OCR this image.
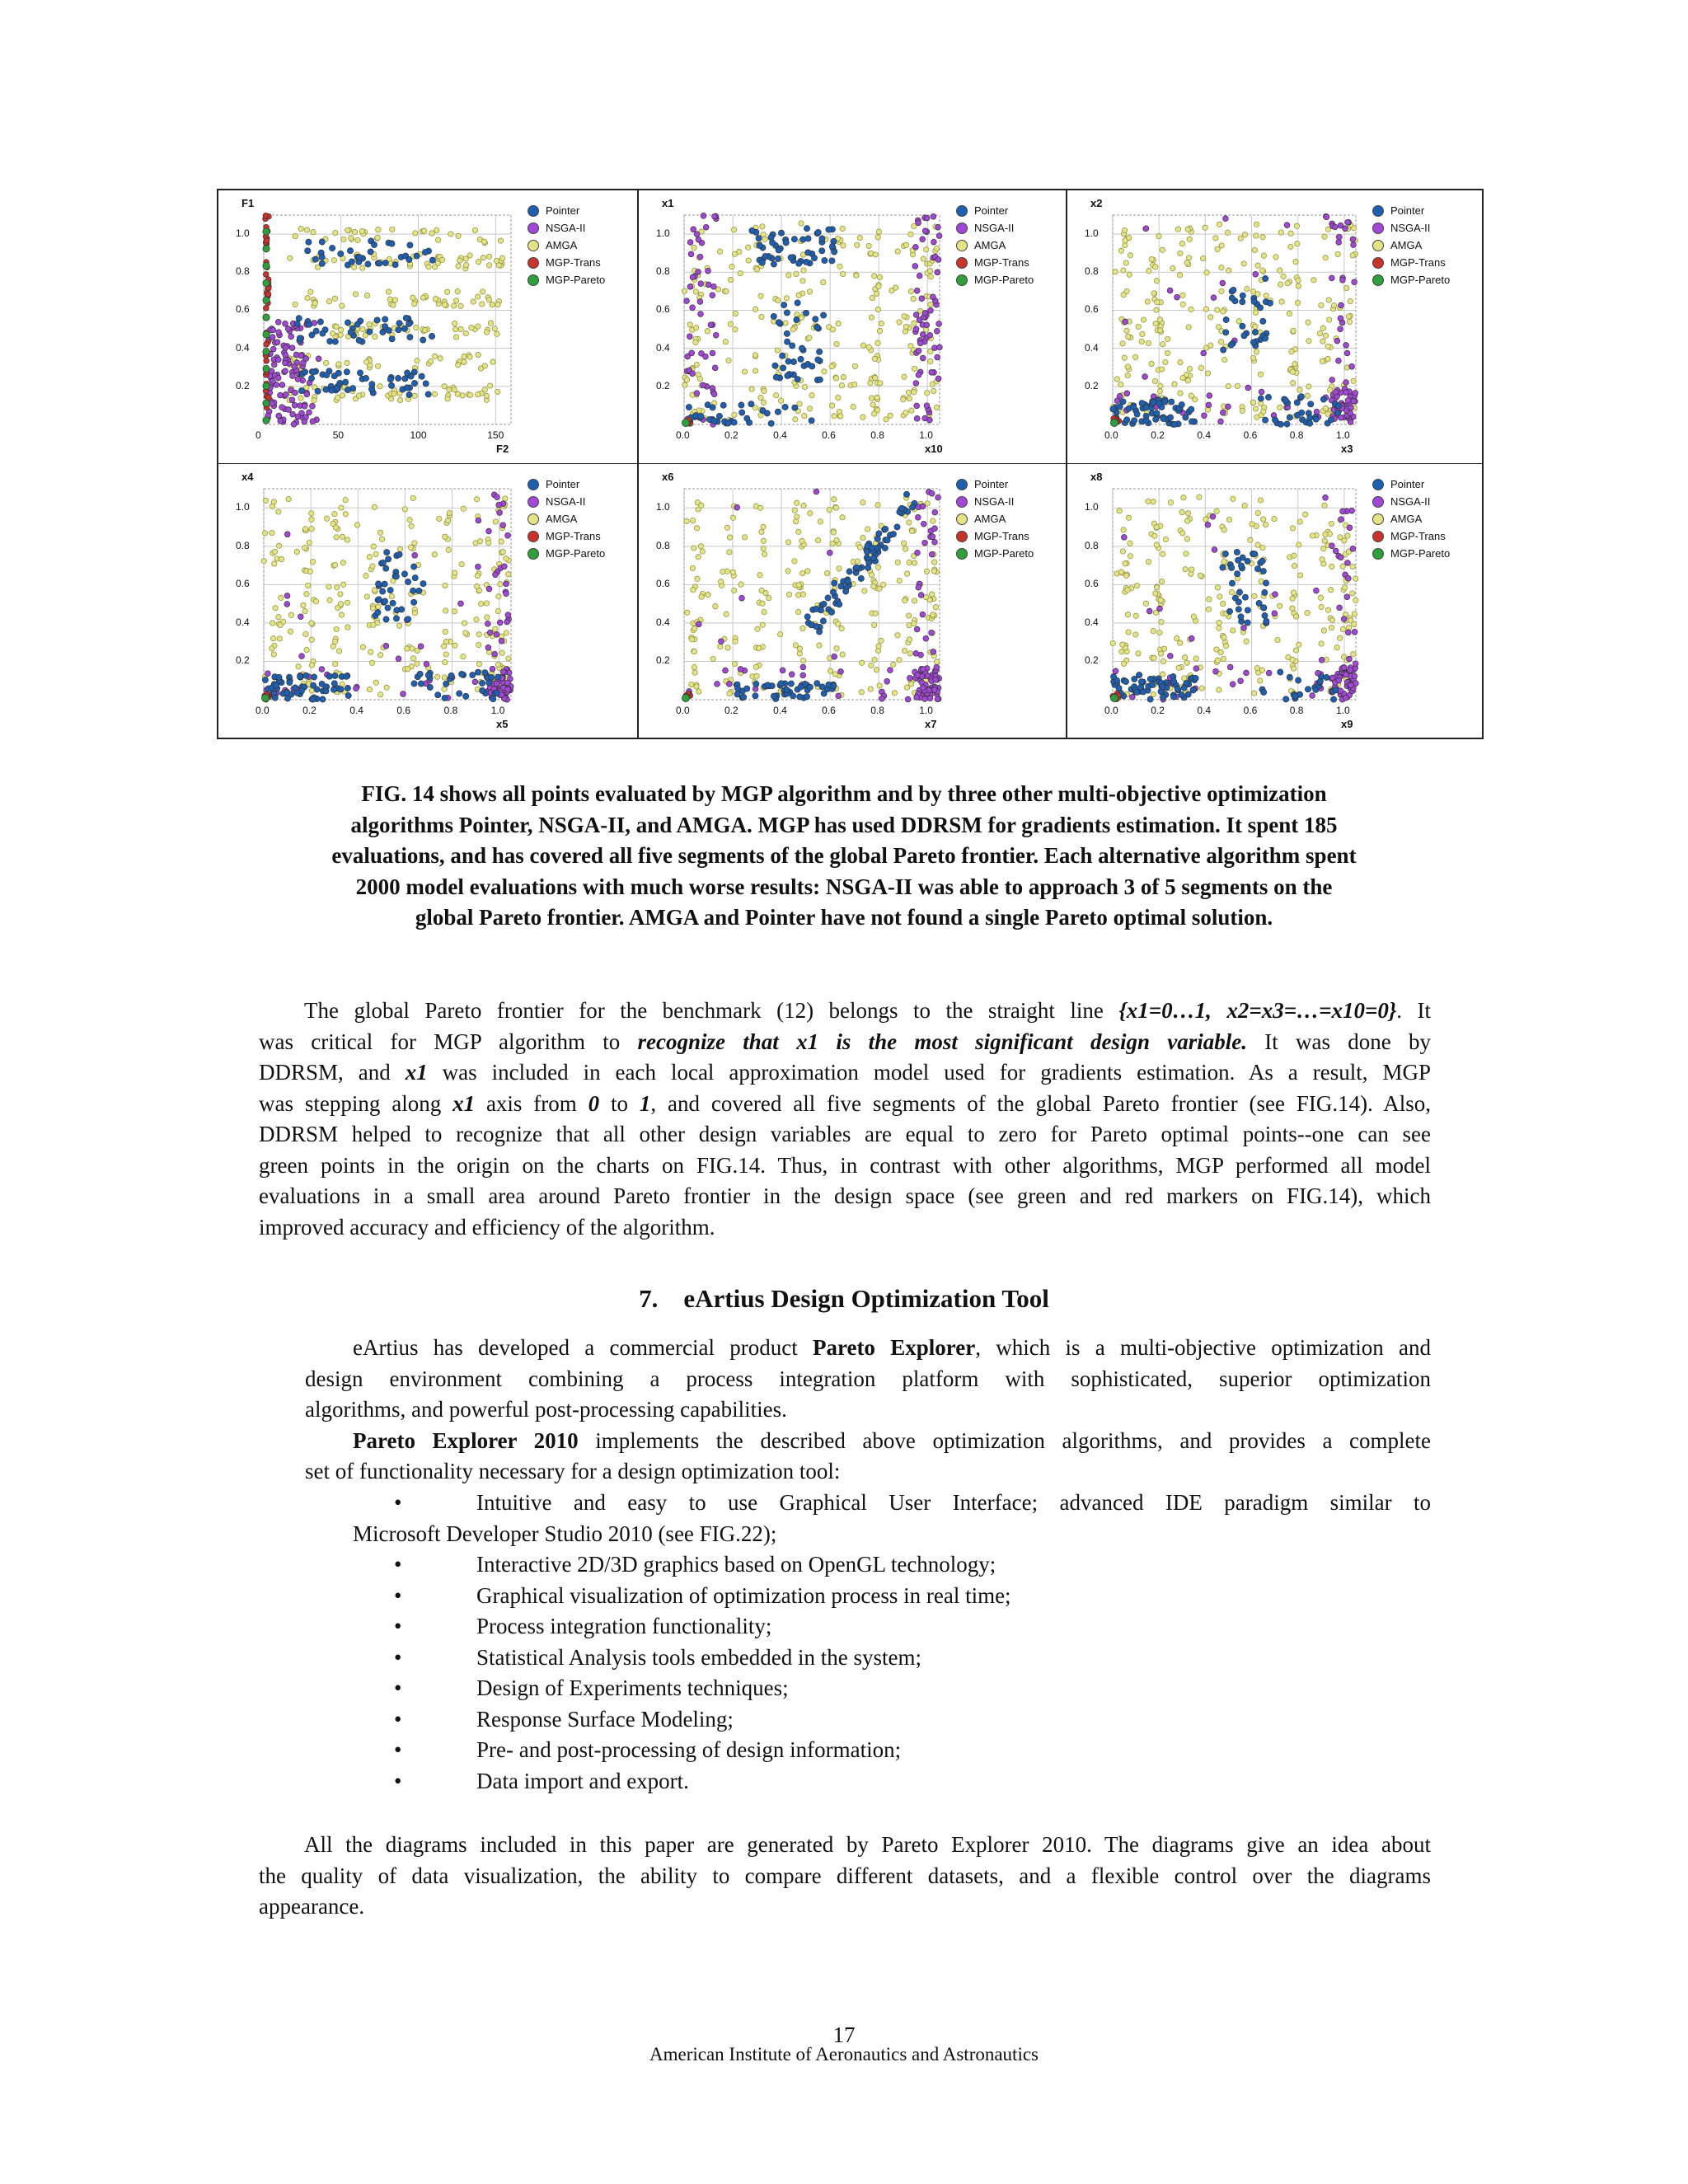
F1
F2
0	50	100	150
0.2
0.4
0.6
0.8
1.0
Pointer
NSGA-II
AMGA
MGP-Trans
MGP-Pareto
x1
x10
0.0	0.2	0.4	0.6	0.8	1.0
0.2
0.4
0.6
0.8
1.0
Pointer
NSGA-II
AMGA
MGP-Trans
MGP-Pareto
x2
x3
0.0	0.2	0.4	0.6	0.8	1.0
0.2
0.4
0.6
0.8
1.0
Pointer
NSGA-II
AMGA
MGP-Trans
MGP-Pareto
x4
x5
0.0	0.2	0.4	0.6	0.8	1.0
0.2
0.4
0.6
0.8
1.0
Pointer
NSGA-II
AMGA
MGP-Trans
MGP-Pareto
x6
x7
0.0	0.2	0.4	0.6	0.8	1.0
0.2
0.4
0.6
0.8
1.0
Pointer
NSGA-II
AMGA
MGP-Trans
MGP-Pareto
x8
x9
0.0	0.2	0.4	0.6	0.8	1.0
0.2
0.4
0.6
0.8
1.0
Pointer
NSGA-II
AMGA
MGP-Trans
MGP-Pareto
FIG. 14 shows all points evaluated by MGP algorithm and by three other multi-objective optimization
algorithms Pointer, NSGA-II, and AMGA. MGP has used DDRSM for gradients estimation. It spent 185
evaluations, and has covered all five segments of the global Pareto frontier. Each alternative algorithm spent
2000 model evaluations with much worse results: NSGA-II was able to approach 3 of 5 segments on the
global Pareto frontier. AMGA and Pointer have not found a single Pareto optimal solution.
The global Pareto frontier for the benchmark (12) belongs to the straight line {x1=0…1, x2=x3=…=x10=0}. It
was critical for MGP algorithm to recognize that x1 is the most significant design variable. It was done by
DDRSM, and x1 was included in each local approximation model used for gradients estimation. As a result, MGP
was stepping along x1 axis from 0 to 1, and covered all five segments of the global Pareto frontier (see FIG.14). Also,
DDRSM helped to recognize that all other design variables are equal to zero for Pareto optimal points--one can see
green points in the origin on the charts on FIG.14. Thus, in contrast with other algorithms, MGP performed all model
evaluations in a small area around Pareto frontier in the design space (see green and red markers on FIG.14), which
improved accuracy and efficiency of the algorithm.
7.    eArtius Design Optimization Tool
eArtius has developed a commercial product Pareto Explorer, which is a multi-objective optimization and
design environment combining a process integration platform with sophisticated, superior optimization
algorithms, and powerful post-processing capabilities.
Pareto Explorer 2010 implements the described above optimization algorithms, and provides a complete
set of functionality necessary for a design optimization tool:
•	Intuitive and easy to use Graphical User Interface; advanced IDE paradigm similar to
Microsoft Developer Studio 2010 (see FIG.22);
•	Interactive 2D/3D graphics based on OpenGL technology;
•	Graphical visualization of optimization process in real time;
•	Process integration functionality;
•	Statistical Analysis tools embedded in the system;
•	Design of Experiments techniques;
•	Response Surface Modeling;
•	Pre- and post-processing of design information;
•	Data import and export.
All the diagrams included in this paper are generated by Pareto Explorer 2010. The diagrams give an idea about
the quality of data visualization, the ability to compare different datasets, and a flexible control over the diagrams
appearance.
17
American Institute of Aeronautics and Astronautics
